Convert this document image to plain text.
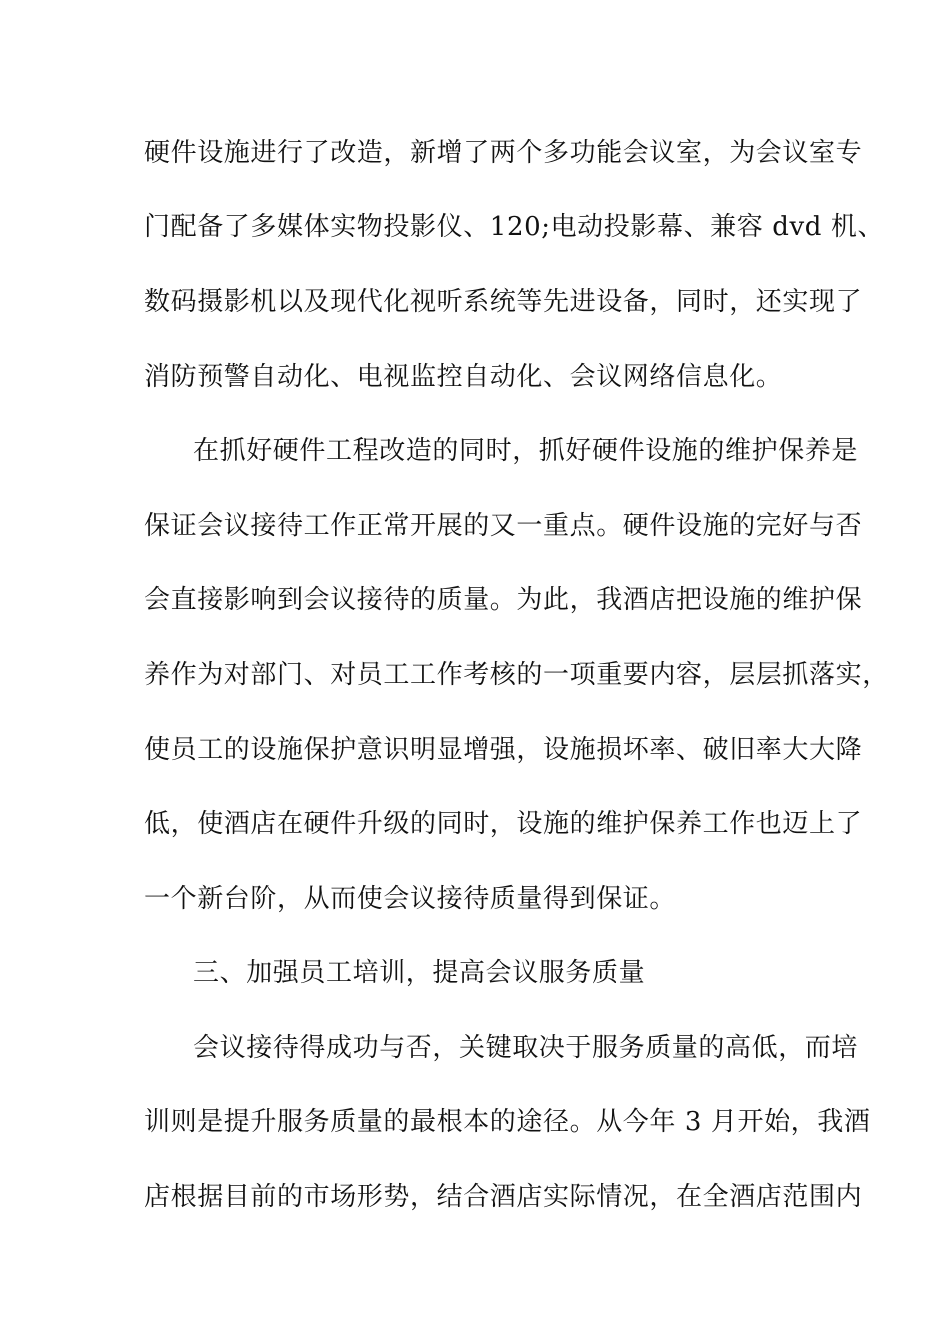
硬件设施进行了改造，新增了两个多功能会议室，为会议室专
门配备了多媒体实物投影仪、120;电动投影幕、兼容 dvd 机、
数码摄影机以及现代化视听系统等先进设备，同时，还实现了
消防预警自动化、电视监控自动化、会议网络信息化。
在抓好硬件工程改造的同时，抓好硬件设施的维护保养是
保证会议接待工作正常开展的又一重点。硬件设施的完好与否
会直接影响到会议接待的质量。为此，我酒店把设施的维护保
养作为对部门、对员工工作考核的一项重要内容，层层抓落实，
使员工的设施保护意识明显增强，设施损坏率、破旧率大大降
低，使酒店在硬件升级的同时，设施的维护保养工作也迈上了
一个新台阶，从而使会议接待质量得到保证。
三、加强员工培训，提高会议服务质量
会议接待得成功与否，关键取决于服务质量的高低，而培
训则是提升服务质量的最根本的途径。从今年 3 月开始，我酒
店根据目前的市场形势，结合酒店实际情况，在全酒店范围内
